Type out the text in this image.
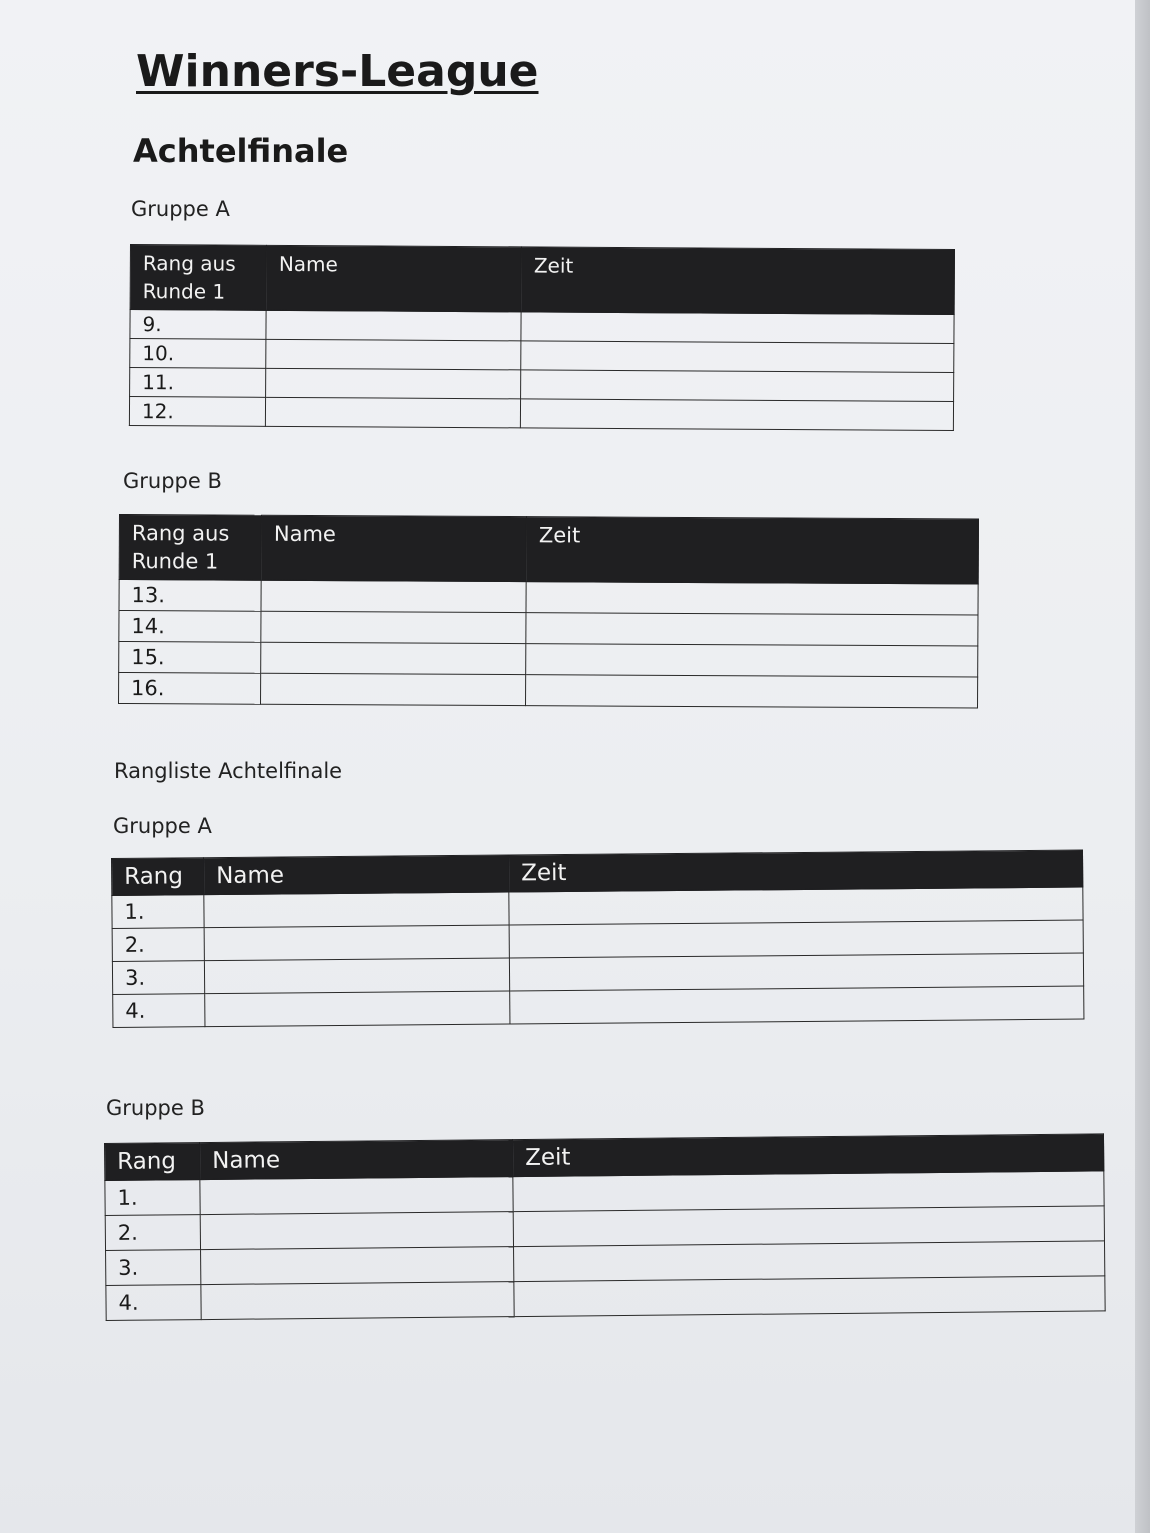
Winners-League
Achtelfinale

Gruppe A

Rang aus Runde 1	Name	Zeit
9.		
10.		
11.		
12.		

Gruppe B

Rang aus Runde 1	Name	Zeit
13.		
14.		
15.		
16.		

Rangliste Achtelfinale

Gruppe A

Rang	Name	Zeit
1.		
2.		
3.		
4.		

Gruppe B

Rang	Name	Zeit
1.		
2.		
3.		
4.		
